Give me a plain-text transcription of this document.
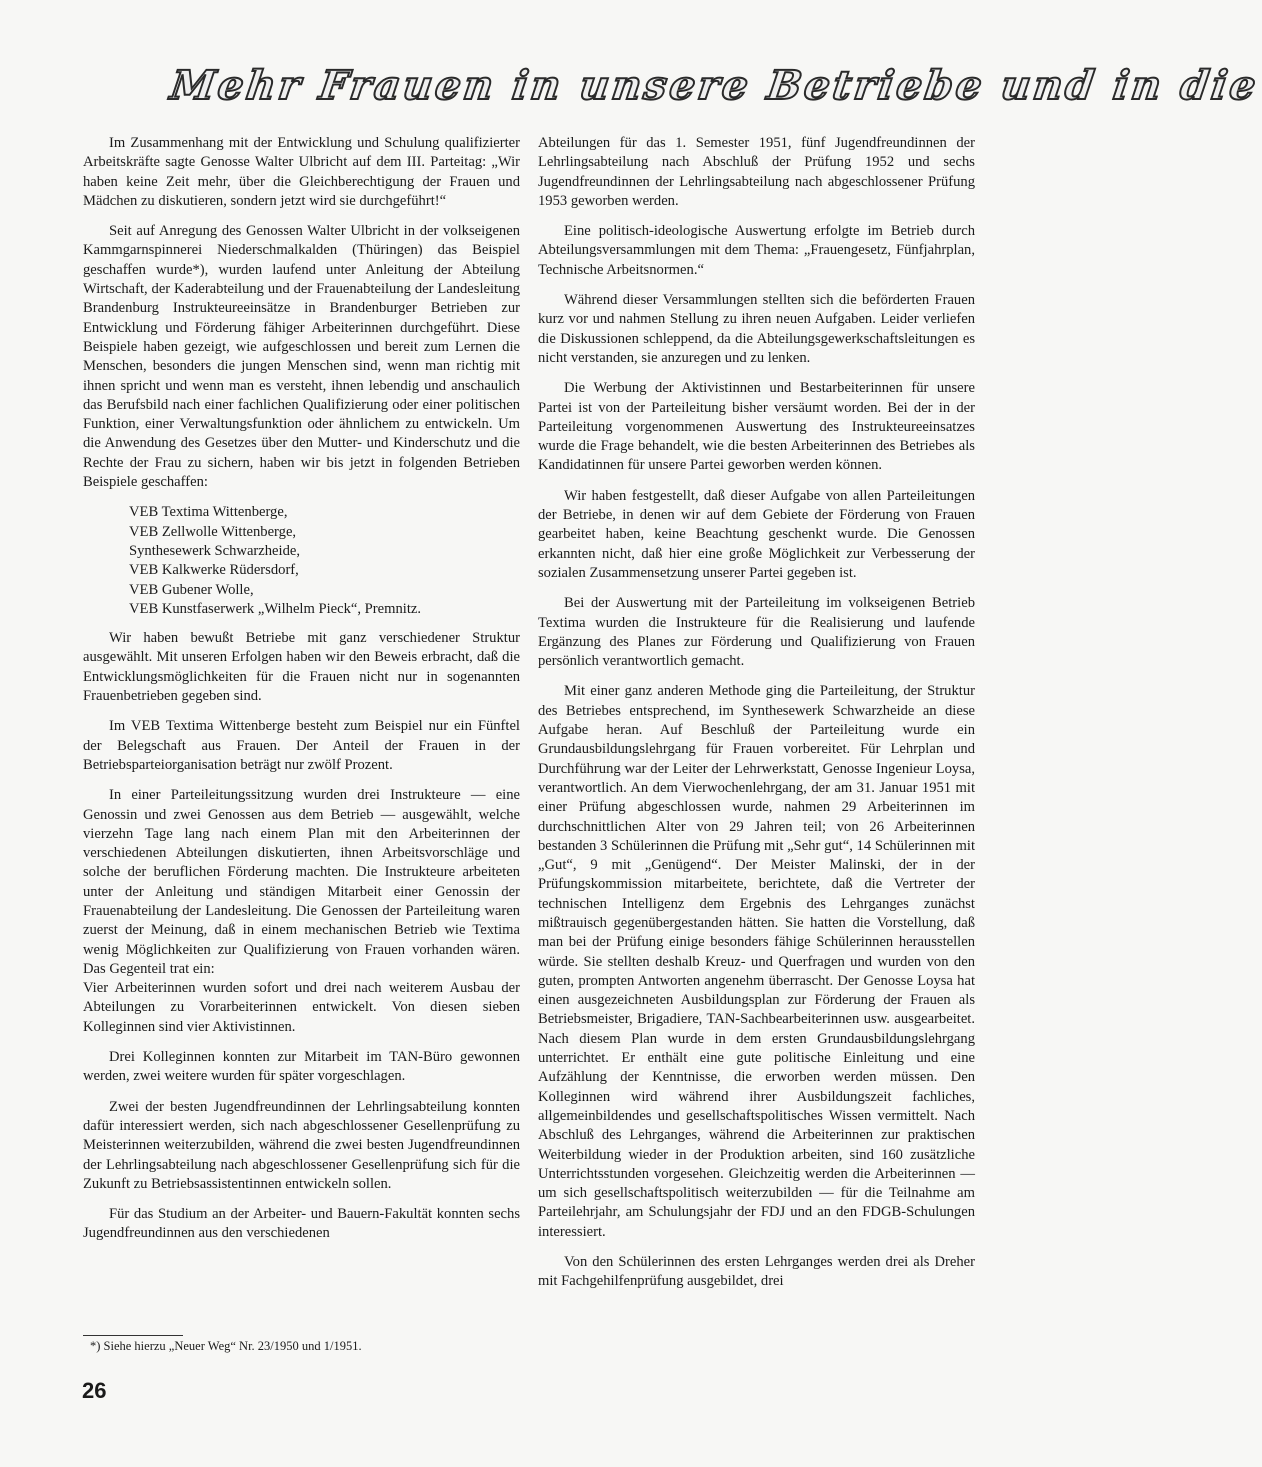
Mehr Frauen in unsere Betriebe und in die

Im Zusammenhang mit der Entwicklung und Schulung qualifizierter Arbeitskräfte sagte Genosse Walter Ulbricht auf dem III. Parteitag: „Wir haben keine Zeit mehr, über die Gleichberechtigung der Frauen und Mädchen zu diskutieren, sondern jetzt wird sie durchgeführt!“

Seit auf Anregung des Genossen Walter Ulbricht in der volkseigenen Kammgarnspinnerei Niederschmalkalden (Thüringen) das Beispiel geschaffen wurde*), wurden laufend unter Anleitung der Abteilung Wirtschaft, der Kaderabteilung und der Frauenabteilung der Landesleitung Brandenburg Instrukteureeinsätze in Brandenburger Betrieben zur Entwicklung und Förderung fähiger Arbeiterinnen durchgeführt. Diese Beispiele haben gezeigt, wie aufgeschlossen und bereit zum Lernen die Menschen, besonders die jungen Menschen sind, wenn man richtig mit ihnen spricht und wenn man es versteht, ihnen lebendig und anschaulich das Berufsbild nach einer fachlichen Qualifizierung oder einer politischen Funktion, einer Verwaltungsfunktion oder ähnlichem zu entwickeln. Um die Anwendung des Gesetzes über den Mutter- und Kinderschutz und die Rechte der Frau zu sichern, haben wir bis jetzt in folgenden Betrieben Beispiele geschaffen:

VEB Textima Wittenberge,
VEB Zellwolle Wittenberge,
Synthesewerk Schwarzheide,
VEB Kalkwerke Rüdersdorf,
VEB Gubener Wolle,
VEB Kunstfaserwerk „Wilhelm Pieck“, Premnitz.

Wir haben bewußt Betriebe mit ganz verschiedener Struktur ausgewählt. Mit unseren Erfolgen haben wir den Beweis erbracht, daß die Entwicklungsmöglichkeiten für die Frauen nicht nur in sogenannten Frauenbetrieben gegeben sind.

Im VEB Textima Wittenberge besteht zum Beispiel nur ein Fünftel der Belegschaft aus Frauen. Der Anteil der Frauen in der Betriebsparteiorganisation beträgt nur zwölf Prozent.

In einer Parteileitungssitzung wurden drei Instrukteure — eine Genossin und zwei Genossen aus dem Betrieb — ausgewählt, welche vierzehn Tage lang nach einem Plan mit den Arbeiterinnen der verschiedenen Abteilungen diskutierten, ihnen Arbeitsvorschläge und solche der beruflichen Förderung machten. Die Instrukteure arbeiteten unter der Anleitung und ständigen Mitarbeit einer Genossin der Frauenabteilung der Landesleitung. Die Genossen der Parteileitung waren zuerst der Meinung, daß in einem mechanischen Betrieb wie Textima wenig Möglichkeiten zur Qualifizierung von Frauen vorhanden wären. Das Gegenteil trat ein:

Vier Arbeiterinnen wurden sofort und drei nach weiterem Ausbau der Abteilungen zu Vorarbeiterinnen entwickelt. Von diesen sieben Kolleginnen sind vier Aktivistinnen.

Drei Kolleginnen konnten zur Mitarbeit im TAN-Büro gewonnen werden, zwei weitere wurden für später vorgeschlagen.

Zwei der besten Jugendfreundinnen der Lehrlingsabteilung konnten dafür interessiert werden, sich nach abgeschlossener Gesellenprüfung zu Meisterinnen weiterzubilden, während die zwei besten Jugendfreundinnen der Lehrlingsabteilung nach abgeschlossener Gesellenprüfung sich für die Zukunft zu Betriebsassistentinnen entwickeln sollen.

Für das Studium an der Arbeiter- und Bauern-Fakultät konnten sechs Jugendfreundinnen aus den verschiedenen

Abteilungen für das 1. Semester 1951, fünf Jugendfreundinnen der Lehrlingsabteilung nach Abschluß der Prüfung 1952 und sechs Jugendfreundinnen der Lehrlingsabteilung nach abgeschlossener Prüfung 1953 geworben werden.

Eine politisch-ideologische Auswertung erfolgte im Betrieb durch Abteilungsversammlungen mit dem Thema: „Frauengesetz, Fünfjahrplan, Technische Arbeitsnormen.“

Während dieser Versammlungen stellten sich die beförderten Frauen kurz vor und nahmen Stellung zu ihren neuen Aufgaben. Leider verliefen die Diskussionen schleppend, da die Abteilungsgewerkschaftsleitungen es nicht verstanden, sie anzuregen und zu lenken.

Die Werbung der Aktivistinnen und Bestarbeiterinnen für unsere Partei ist von der Parteileitung bisher versäumt worden. Bei der in der Parteileitung vorgenommenen Auswertung des Instrukteureeinsatzes wurde die Frage behandelt, wie die besten Arbeiterinnen des Betriebes als Kandidatinnen für unsere Partei geworben werden können.

Wir haben festgestellt, daß dieser Aufgabe von allen Parteileitungen der Betriebe, in denen wir auf dem Gebiete der Förderung von Frauen gearbeitet haben, keine Beachtung geschenkt wurde. Die Genossen erkannten nicht, daß hier eine große Möglichkeit zur Verbesserung der sozialen Zusammensetzung unserer Partei gegeben ist.

Bei der Auswertung mit der Parteileitung im volkseigenen Betrieb Textima wurden die Instrukteure für die Realisierung und laufende Ergänzung des Planes zur Förderung und Qualifizierung von Frauen persönlich verantwortlich gemacht.

Mit einer ganz anderen Methode ging die Parteileitung, der Struktur des Betriebes entsprechend, im Synthesewerk Schwarzheide an diese Aufgabe heran. Auf Beschluß der Parteileitung wurde ein Grundausbildungslehrgang für Frauen vorbereitet. Für Lehrplan und Durchführung war der Leiter der Lehrwerkstatt, Genosse Ingenieur Loysa, verantwortlich. An dem Vierwochenlehrgang, der am 31. Januar 1951 mit einer Prüfung abgeschlossen wurde, nahmen 29 Arbeiterinnen im durchschnittlichen Alter von 29 Jahren teil; von 26 Arbeiterinnen bestanden 3 Schülerinnen die Prüfung mit „Sehr gut“, 14 Schülerinnen mit „Gut“, 9 mit „Genügend“. Der Meister Malinski, der in der Prüfungskommission mitarbeitete, berichtete, daß die Vertreter der technischen Intelligenz dem Ergebnis des Lehrganges zunächst mißtrauisch gegenübergestanden hätten. Sie hatten die Vorstellung, daß man bei der Prüfung einige besonders fähige Schülerinnen herausstellen würde. Sie stellten deshalb Kreuz- und Querfragen und wurden von den guten, prompten Antworten angenehm überrascht. Der Genosse Loysa hat einen ausgezeichneten Ausbildungsplan zur Förderung der Frauen als Betriebsmeister, Brigadiere, TAN-Sachbearbeiterinnen usw. ausgearbeitet. Nach diesem Plan wurde in dem ersten Grundausbildungslehrgang unterrichtet. Er enthält eine gute politische Einleitung und eine Aufzählung der Kenntnisse, die erworben werden müssen. Den Kolleginnen wird während ihrer Ausbildungszeit fachliches, allgemeinbildendes und gesellschaftspolitisches Wissen vermittelt. Nach Abschluß des Lehrganges, während die Arbeiterinnen zur praktischen Weiterbildung wieder in der Produktion arbeiten, sind 160 zusätzliche Unterrichtsstunden vorgesehen. Gleichzeitig werden die Arbeiterinnen — um sich gesellschaftspolitisch weiterzubilden — für die Teilnahme am Parteilehrjahr, am Schulungsjahr der FDJ und an den FDGB-Schulungen interessiert.

Von den Schülerinnen des ersten Lehrganges werden drei als Dreher mit Fachgehilfenprüfung ausgebildet, drei

*) Siehe hierzu „Neuer Weg“ Nr. 23/1950 und 1/1951.
26
